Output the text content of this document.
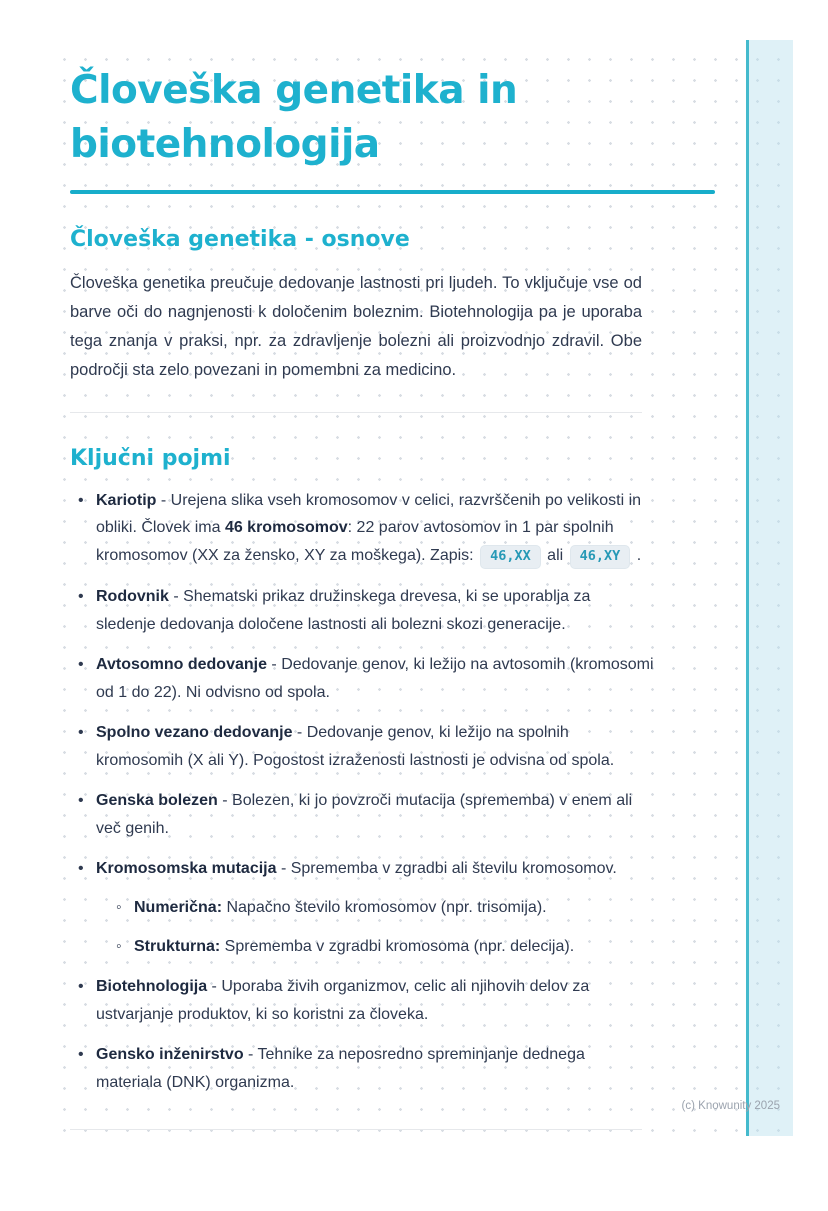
Človeška genetika in biotehnologija
Človeška genetika - osnove

Človeška genetika preučuje dedovanje lastnosti pri ljudeh. To vključuje vse od barve oči do nagnjenosti k določenim boleznim. Biotehnologija pa je uporaba tega znanja v praksi, npr. za zdravljenje bolezni ali proizvodnjo zdravil. Obe področji sta zelo povezani in pomembni za medicino.

Ključni pojmi
• Kariotip - Urejena slika vseh kromosomov v celici, razvrščenih po velikosti in obliki. Človek ima 46 kromosomov: 22 parov avtosomov in 1 par spolnih kromosomov (XX za žensko, XY za moškega). Zapis: 46,XX ali 46,XY .
• Rodovnik - Shematski prikaz družinskega drevesa, ki se uporablja za sledenje dedovanja določene lastnosti ali bolezni skozi generacije.
• Avtosomno dedovanje - Dedovanje genov, ki ležijo na avtosomih (kromosomi od 1 do 22). Ni odvisno od spola.
• Spolno vezano dedovanje - Dedovanje genov, ki ležijo na spolnih kromosomih (X ali Y). Pogostost izraženosti lastnosti je odvisna od spola.
• Genska bolezen - Bolezen, ki jo povzroči mutacija (sprememba) v enem ali več genih.
• Kromosomska mutacija - Sprememba v zgradbi ali številu kromosomov.
◦ Numerična: Napačno število kromosomov (npr. trisomija).
◦ Strukturna: Sprememba v zgradbi kromosoma (npr. delecija).
• Biotehnologija - Uporaba živih organizmov, celic ali njihovih delov za ustvarjanje produktov, ki so koristni za človeka.
• Gensko inženirstvo - Tehnike za neposredno spreminjanje dednega materiala (DNK) organizma.
(c) Knowunity 2025
